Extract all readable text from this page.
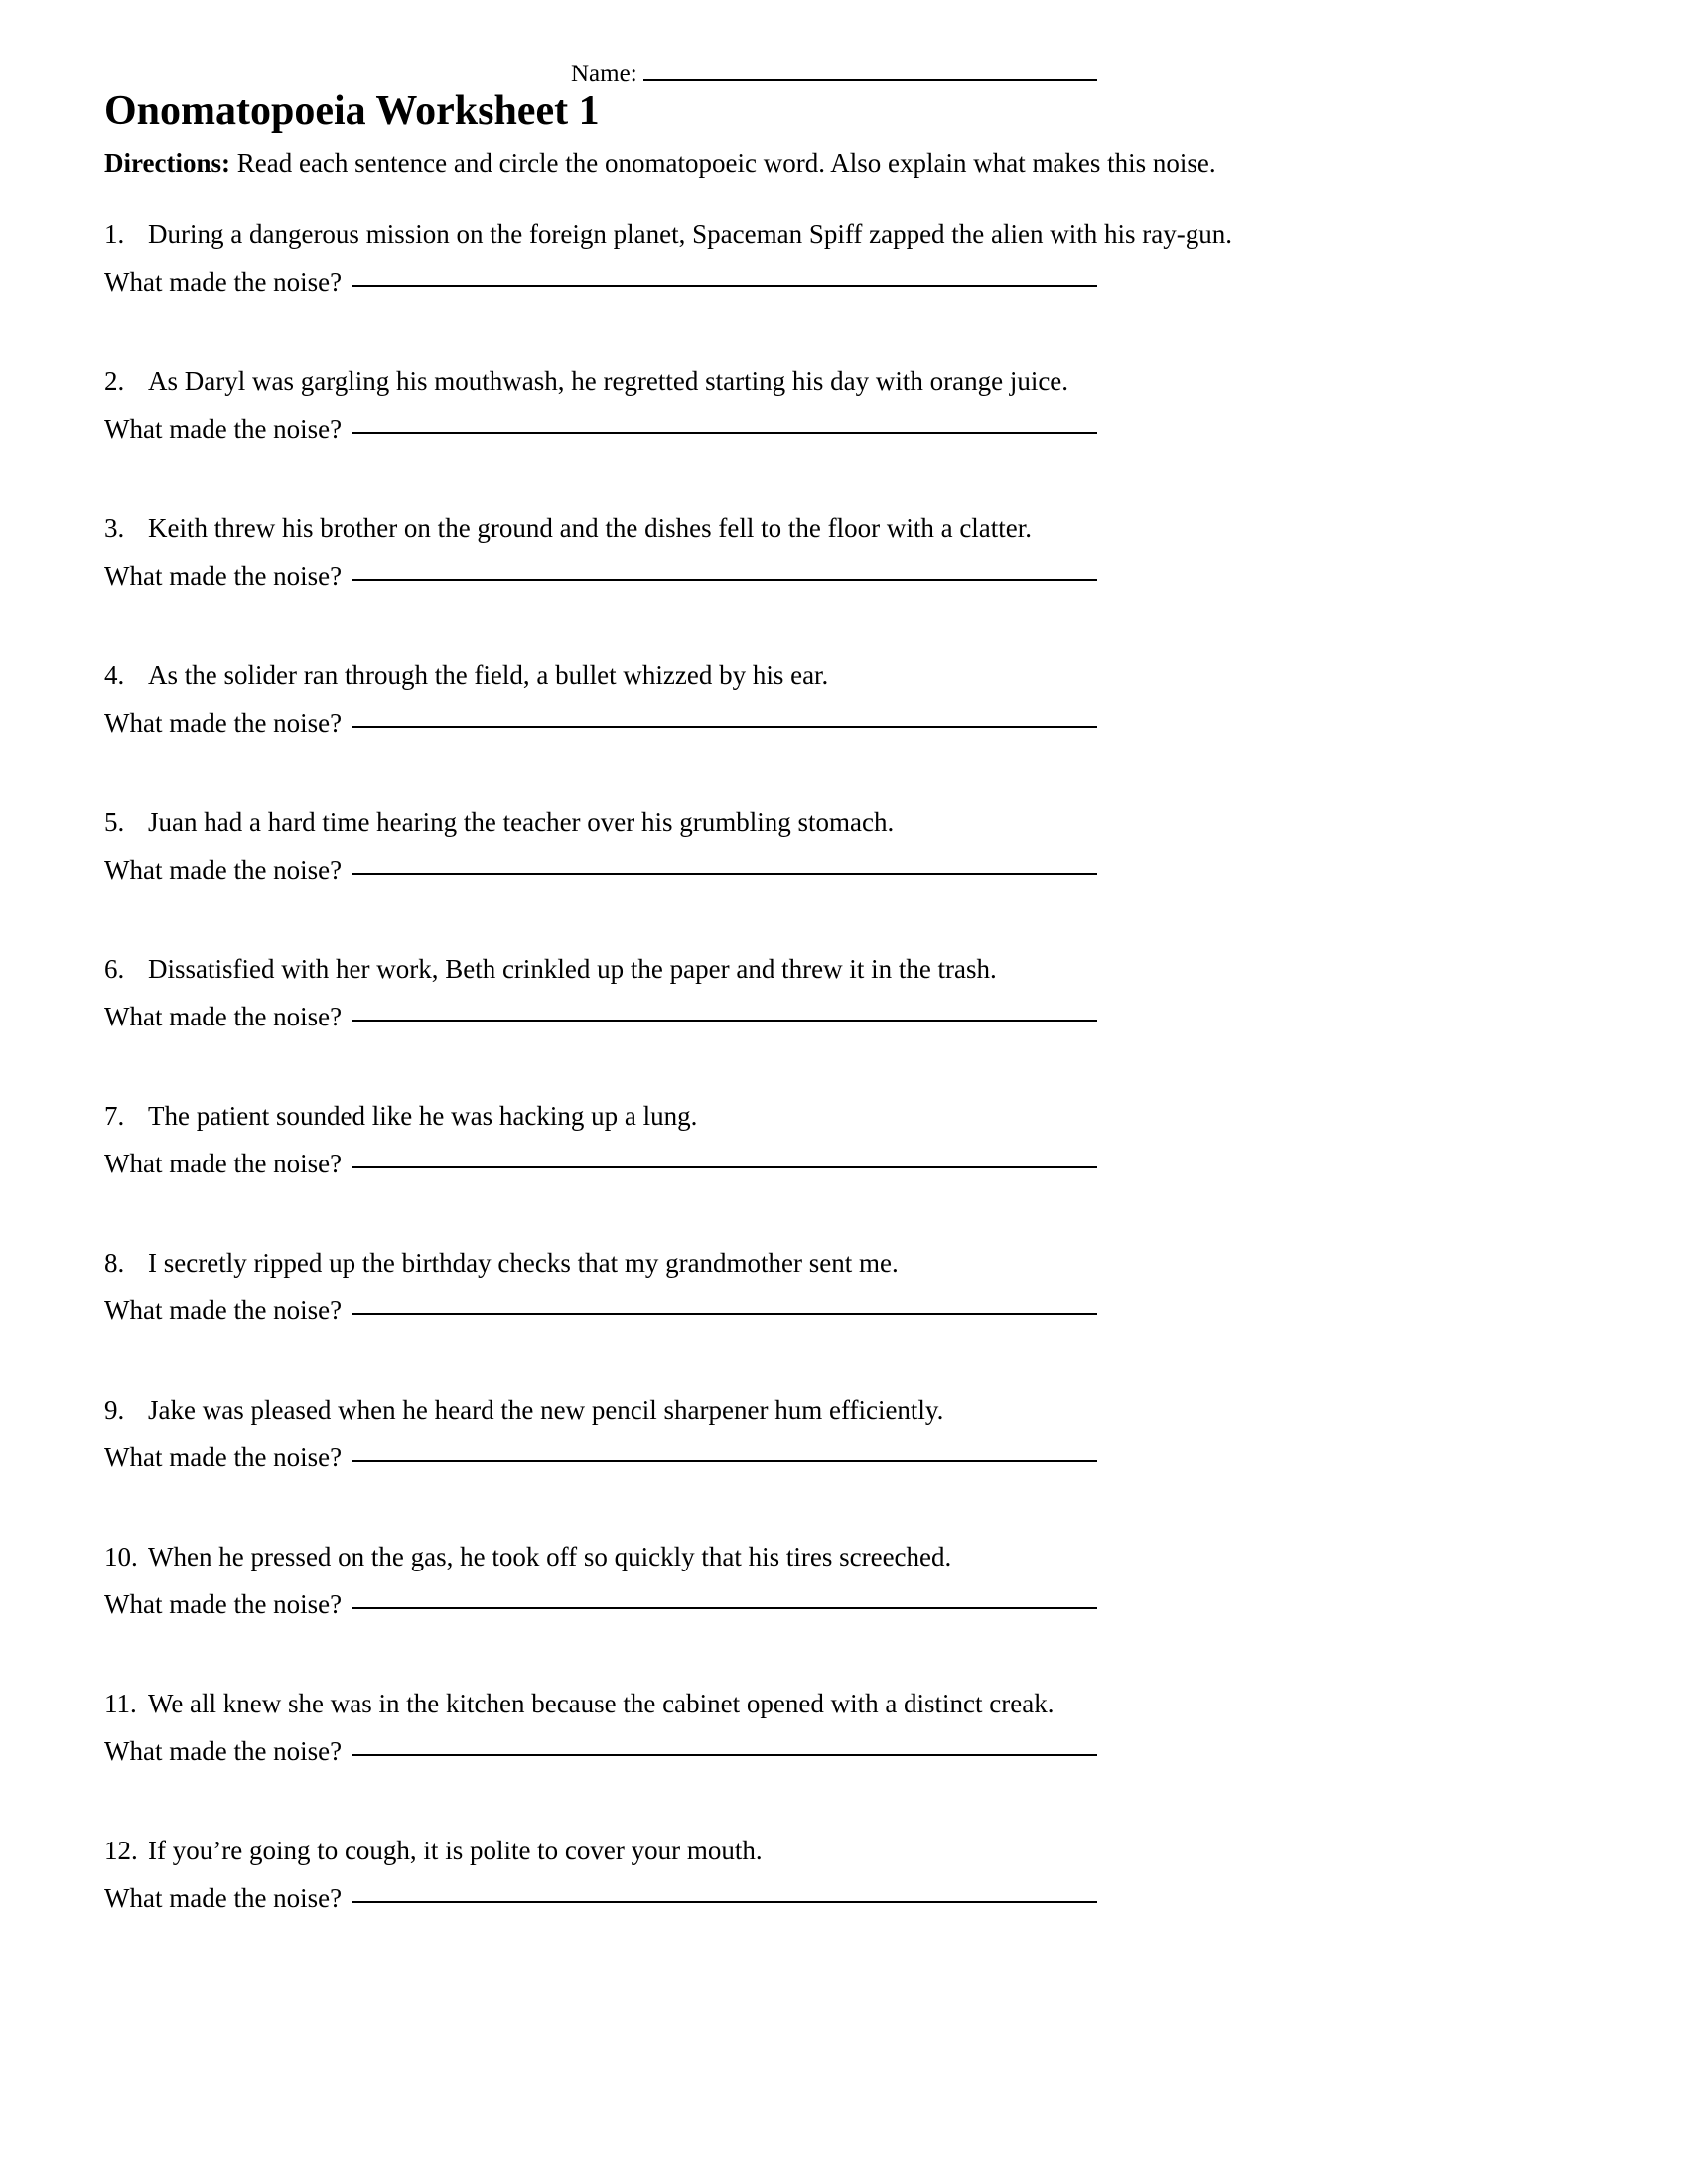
Name:
Onomatopoeia Worksheet 1
Directions: Read each sentence and circle the onomatopoeic word. Also explain what makes this noise.
1. During a dangerous mission on the foreign planet, Spaceman Spiff zapped the alien with his ray-gun.
What made the noise?
2. As Daryl was gargling his mouthwash, he regretted starting his day with orange juice.
What made the noise?
3. Keith threw his brother on the ground and the dishes fell to the floor with a clatter.
What made the noise?
4. As the solider ran through the field, a bullet whizzed by his ear.
What made the noise?
5. Juan had a hard time hearing the teacher over his grumbling stomach.
What made the noise?
6. Dissatisfied with her work, Beth crinkled up the paper and threw it in the trash.
What made the noise?
7. The patient sounded like he was hacking up a lung.
What made the noise?
8. I secretly ripped up the birthday checks that my grandmother sent me.
What made the noise?
9. Jake was pleased when he heard the new pencil sharpener hum efficiently.
What made the noise?
10. When he pressed on the gas, he took off so quickly that his tires screeched.
What made the noise?
11. We all knew she was in the kitchen because the cabinet opened with a distinct creak.
What made the noise?
12. If you’re going to cough, it is polite to cover your mouth.
What made the noise?
